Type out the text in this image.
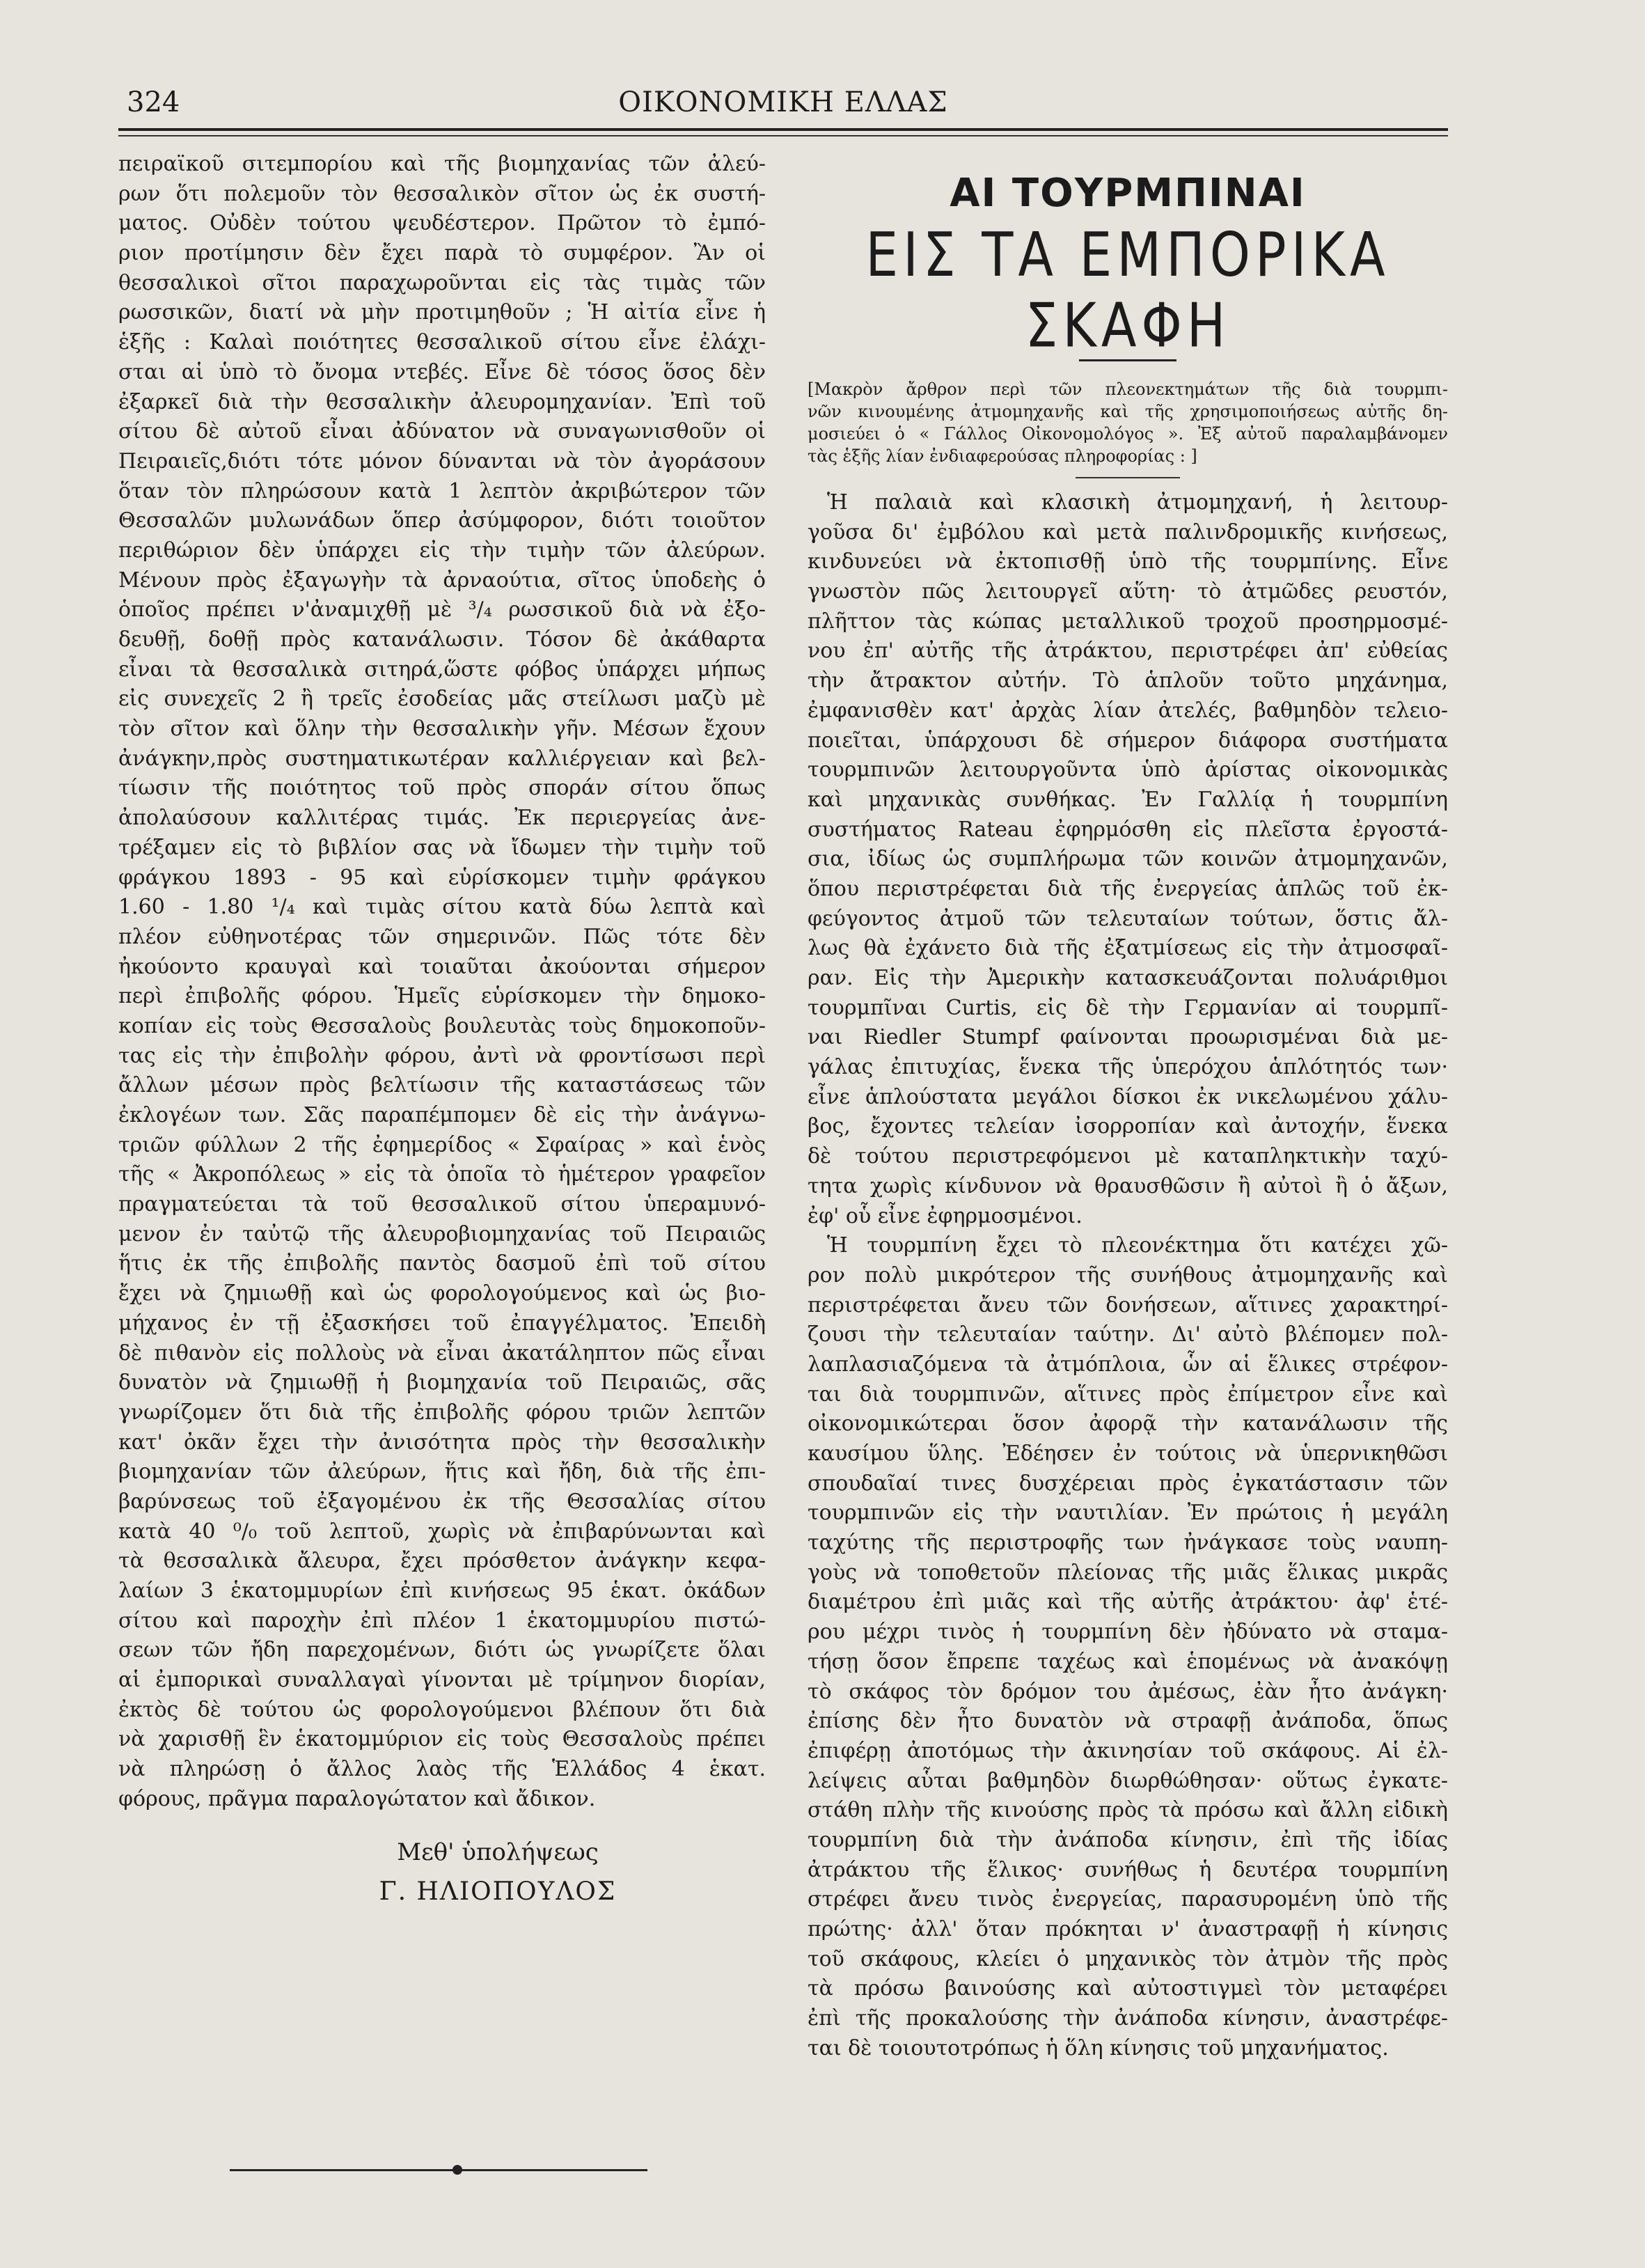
324	ΟΙΚΟΝΟΜΙΚΗ ΕΛΛΑΣ
πειραϊκοῦ σιτεμπορίου καὶ τῆς βιομηχανίας τῶν ἀλεύ-
ρων ὅτι πολεμοῦν τὸν θεσσαλικὸν σῖτον ὡς ἐκ συστή-
ματος. Οὐδὲν τούτου ψευδέστερον. Πρῶτον τὸ ἐμπό-
ριον προτίμησιν δὲν ἔχει παρὰ τὸ συμφέρον. Ἂν οἱ
θεσσαλικοὶ σῖτοι παραχωροῦνται εἰς τὰς τιμὰς τῶν
ρωσσικῶν, διατί νὰ μὴν προτιμηθοῦν ; Ἡ αἰτία εἶνε ἡ
ἑξῆς : Καλαὶ ποιότητες θεσσαλικοῦ σίτου εἶνε ἐλάχι-
σται αἱ ὑπὸ τὸ ὄνομα ντεβές. Εἶνε δὲ τόσος ὅσος δὲν
ἐξαρκεῖ διὰ τὴν θεσσαλικὴν ἀλευρομηχανίαν. Ἐπὶ τοῦ
σίτου δὲ αὐτοῦ εἶναι ἀδύνατον νὰ συναγωνισθοῦν οἱ
Πειραιεῖς,διότι τότε μόνον δύνανται νὰ τὸν ἀγοράσουν
ὅταν τὸν πληρώσουν κατὰ 1 λεπτὸν ἀκριβώτερον τῶν
Θεσσαλῶν μυλωνάδων ὅπερ ἀσύμφορον, διότι τοιοῦτον
περιθώριον δὲν ὑπάρχει εἰς τὴν τιμὴν τῶν ἀλεύρων.
Μένουν πρὸς ἐξαγωγὴν τὰ ἀρναούτια, σῖτος ὑποδεὴς ὁ
ὁποῖος πρέπει ν'ἀναμιχθῇ μὲ ³/₄ ρωσσικοῦ διὰ νὰ ἐξο-
δευθῇ, δοθῇ πρὸς κατανάλωσιν. Τόσον δὲ ἀκάθαρτα
εἶναι τὰ θεσσαλικὰ σιτηρά,ὥστε φόβος ὑπάρχει μήπως
εἰς συνεχεῖς 2 ἢ τρεῖς ἐσοδείας μᾶς στείλωσι μαζὺ μὲ
τὸν σῖτον καὶ ὅλην τὴν θεσσαλικὴν γῆν. Μέσων ἔχουν
ἀνάγκην,πρὸς συστηματικωτέραν καλλιέργειαν καὶ βελ-
τίωσιν τῆς ποιότητος τοῦ πρὸς σποράν σίτου ὅπως
ἀπολαύσουν καλλιτέρας τιμάς. Ἐκ περιεργείας ἀνε-
τρέξαμεν εἰς τὸ βιβλίον σας νὰ ἴδωμεν τὴν τιμὴν τοῦ
φράγκου 1893 - 95 καὶ εὑρίσκομεν τιμὴν φράγκου
1.60 - 1.80 ¹/₄ καὶ τιμὰς σίτου κατὰ δύω λεπτὰ καὶ
πλέον εὐθηνοτέρας τῶν σημερινῶν. Πῶς τότε δὲν
ἠκούοντο κραυγαὶ καὶ τοιαῦται ἀκούονται σήμερον
περὶ ἐπιβολῆς φόρου. Ἡμεῖς εὑρίσκομεν τὴν δημοκο-
κοπίαν εἰς τοὺς Θεσσαλοὺς βουλευτὰς τοὺς δημοκοποῦν-
τας εἰς τὴν ἐπιβολὴν φόρου, ἀντὶ νὰ φροντίσωσι περὶ
ἄλλων μέσων πρὸς βελτίωσιν τῆς καταστάσεως τῶν
ἐκλογέων των. Σᾶς παραπέμπομεν δὲ εἰς τὴν ἀνάγνω-
τριῶν φύλλων 2 τῆς ἐφημερίδος « Σφαίρας » καὶ ἑνὸς
τῆς « Ἀκροπόλεως » εἰς τὰ ὁποῖα τὸ ἡμέτερον γραφεῖον
πραγματεύεται τὰ τοῦ θεσσαλικοῦ σίτου ὑπεραμυνό-
μενον ἐν ταὐτῷ τῆς ἀλευροβιομηχανίας τοῦ Πειραιῶς
ἥτις ἐκ τῆς ἐπιβολῆς παντὸς δασμοῦ ἐπὶ τοῦ σίτου
ἔχει νὰ ζημιωθῇ καὶ ὡς φορολογούμενος καὶ ὡς βιο-
μήχανος ἐν τῇ ἐξασκήσει τοῦ ἐπαγγέλματος. Ἐπειδὴ
δὲ πιθανὸν εἰς πολλοὺς νὰ εἶναι ἀκατάληπτον πῶς εἶναι
δυνατὸν νὰ ζημιωθῇ ἡ βιομηχανία τοῦ Πειραιῶς, σᾶς
γνωρίζομεν ὅτι διὰ τῆς ἐπιβολῆς φόρου τριῶν λεπτῶν
κατ' ὀκᾶν ἔχει τὴν ἀνισότητα πρὸς τὴν θεσσαλικὴν
βιομηχανίαν τῶν ἀλεύρων, ἥτις καὶ ἤδη, διὰ τῆς ἐπι-
βαρύνσεως τοῦ ἐξαγομένου ἐκ τῆς Θεσσαλίας σίτου
κατὰ 40 ⁰/₀ τοῦ λεπτοῦ, χωρὶς νὰ ἐπιβαρύνωνται καὶ
τὰ θεσσαλικὰ ἄλευρα, ἔχει πρόσθετον ἀνάγκην κεφα-
λαίων 3 ἑκατομμυρίων ἐπὶ κινήσεως 95 ἑκατ. ὀκάδων
σίτου καὶ παροχὴν ἐπὶ πλέον 1 ἑκατομμυρίου πιστώ-
σεων τῶν ἤδη παρεχομένων, διότι ὡς γνωρίζετε ὅλαι
αἱ ἐμπορικαὶ συναλλαγαὶ γίνονται μὲ τρίμηνον διορίαν,
ἐκτὸς δὲ τούτου ὡς φορολογούμενοι βλέπουν ὅτι διὰ
νὰ χαρισθῇ ἓν ἑκατομμύριον εἰς τοὺς Θεσσαλοὺς πρέπει
νὰ πληρώσῃ ὁ ἄλλος λαὸς τῆς Ἑλλάδος 4 ἑκατ.
φόρους, πρᾶγμα παραλογώτατον καὶ ἄδικον.
Μεθ' ὑπολήψεως
Γ. ΗΛΙΟΠΟΥΛΟΣ
ΑΙ ΤΟΥΡΜΠΙΝΑΙ
ΕΙΣ ΤΑ ΕΜΠΟΡΙΚΑ ΣΚΑΦΗ
[Μακρὸν ἄρθρον περὶ τῶν πλεονεκτημάτων τῆς διὰ τουρμπι-
νῶν κινουμένης ἀτμομηχανῆς καὶ τῆς χρησιμοποιήσεως αὐτῆς δη-
μοσιεύει ὁ « Γάλλος Οἰκονομολόγος ». Ἐξ αὐτοῦ παραλαμβάνομεν
τὰς ἑξῆς λίαν ἐνδιαφερούσας πληροφορίας : ]
Ἡ παλαιὰ καὶ κλασικὴ ἀτμομηχανή, ἡ λειτουρ-
γοῦσα δι' ἐμβόλου καὶ μετὰ παλινδρομικῆς κινήσεως,
κινδυνεύει νὰ ἐκτοπισθῇ ὑπὸ τῆς τουρμπίνης. Εἶνε
γνωστὸν πῶς λειτουργεῖ αὕτη· τὸ ἀτμῶδες ρευστόν,
πλῆττον τὰς κώπας μεταλλικοῦ τροχοῦ προσηρμοσμέ-
νου ἐπ' αὐτῆς τῆς ἀτράκτου, περιστρέφει ἀπ' εὐθείας
τὴν ἄτρακτον αὐτήν. Τὸ ἁπλοῦν τοῦτο μηχάνημα,
ἐμφανισθὲν κατ' ἀρχὰς λίαν ἀτελές, βαθμηδὸν τελειο-
ποιεῖται, ὑπάρχουσι δὲ σήμερον διάφορα συστήματα
τουρμπινῶν λειτουργοῦντα ὑπὸ ἀρίστας οἰκονομικὰς
καὶ μηχανικὰς συνθήκας. Ἐν Γαλλίᾳ ἡ τουρμπίνη
συστήματος Rateau ἐφηρμόσθη εἰς πλεῖστα ἐργοστά-
σια, ἰδίως ὡς συμπλήρωμα τῶν κοινῶν ἀτμομηχανῶν,
ὅπου περιστρέφεται διὰ τῆς ἐνεργείας ἁπλῶς τοῦ ἐκ-
φεύγοντος ἀτμοῦ τῶν τελευταίων τούτων, ὅστις ἄλ-
λως θὰ ἐχάνετο διὰ τῆς ἐξατμίσεως εἰς τὴν ἀτμοσφαῖ-
ραν. Εἰς τὴν Ἀμερικὴν κατασκευάζονται πολυάριθμοι
τουρμπῖναι Curtis, εἰς δὲ τὴν Γερμανίαν αἱ τουρμπῖ-
ναι Riedler Stumpf φαίνονται προωρισμέναι διὰ με-
γάλας ἐπιτυχίας, ἕνεκα τῆς ὑπερόχου ἁπλότητός των·
εἶνε ἁπλούστατα μεγάλοι δίσκοι ἐκ νικελωμένου χάλυ-
βος, ἔχοντες τελείαν ἰσορροπίαν καὶ ἀντοχήν, ἕνεκα
δὲ τούτου περιστρεφόμενοι μὲ καταπληκτικὴν ταχύ-
τητα χωρὶς κίνδυνον νὰ θραυσθῶσιν ἢ αὐτοὶ ἢ ὁ ἄξων,
ἐφ' οὗ εἶνε ἐφηρμοσμένοι.
Ἡ τουρμπίνη ἔχει τὸ πλεονέκτημα ὅτι κατέχει χῶ-
ρον πολὺ μικρότερον τῆς συνήθους ἀτμομηχανῆς καὶ
περιστρέφεται ἄνευ τῶν δονήσεων, αἵτινες χαρακτηρί-
ζουσι τὴν τελευταίαν ταύτην. Δι' αὐτὸ βλέπομεν πολ-
λαπλασιαζόμενα τὰ ἀτμόπλοια, ὧν αἱ ἕλικες στρέφον-
ται διὰ τουρμπινῶν, αἵτινες πρὸς ἐπίμετρον εἶνε καὶ
οἰκονομικώτεραι ὅσον ἀφορᾷ τὴν κατανάλωσιν τῆς
καυσίμου ὕλης. Ἐδέησεν ἐν τούτοις νὰ ὑπερνικηθῶσι
σπουδαῖαί τινες δυσχέρειαι πρὸς ἐγκατάστασιν τῶν
τουρμπινῶν εἰς τὴν ναυτιλίαν. Ἐν πρώτοις ἡ μεγάλη
ταχύτης τῆς περιστροφῆς των ἠνάγκασε τοὺς ναυπη-
γοὺς νὰ τοποθετοῦν πλείονας τῆς μιᾶς ἕλικας μικρᾶς
διαμέτρου ἐπὶ μιᾶς καὶ τῆς αὐτῆς ἀτράκτου· ἀφ' ἑτέ-
ρου μέχρι τινὸς ἡ τουρμπίνη δὲν ἠδύνατο νὰ σταμα-
τήσῃ ὅσον ἔπρεπε ταχέως καὶ ἑπομένως νὰ ἀνακόψῃ
τὸ σκάφος τὸν δρόμον του ἀμέσως, ἐὰν ἦτο ἀνάγκη·
ἐπίσης δὲν ἦτο δυνατὸν νὰ στραφῇ ἀνάποδα, ὅπως
ἐπιφέρῃ ἀποτόμως τὴν ἀκινησίαν τοῦ σκάφους. Αἱ ἐλ-
λείψεις αὗται βαθμηδὸν διωρθώθησαν· οὕτως ἐγκατε-
στάθη πλὴν τῆς κινούσης πρὸς τὰ πρόσω καὶ ἄλλη εἰδικὴ
τουρμπίνη διὰ τὴν ἀνάποδα κίνησιν, ἐπὶ τῆς ἰδίας
ἀτράκτου τῆς ἕλικος· συνήθως ἡ δευτέρα τουρμπίνη
στρέφει ἄνευ τινὸς ἐνεργείας, παρασυρομένη ὑπὸ τῆς
πρώτης· ἀλλ' ὅταν πρόκηται ν' ἀναστραφῇ ἡ κίνησις
τοῦ σκάφους, κλείει ὁ μηχανικὸς τὸν ἀτμὸν τῆς πρὸς
τὰ πρόσω βαινούσης καὶ αὐτοστιγμεὶ τὸν μεταφέρει
ἐπὶ τῆς προκαλούσης τὴν ἀνάποδα κίνησιν, ἀναστρέφε-
ται δὲ τοιουτοτρόπως ἡ ὅλη κίνησις τοῦ μηχανήματος.
